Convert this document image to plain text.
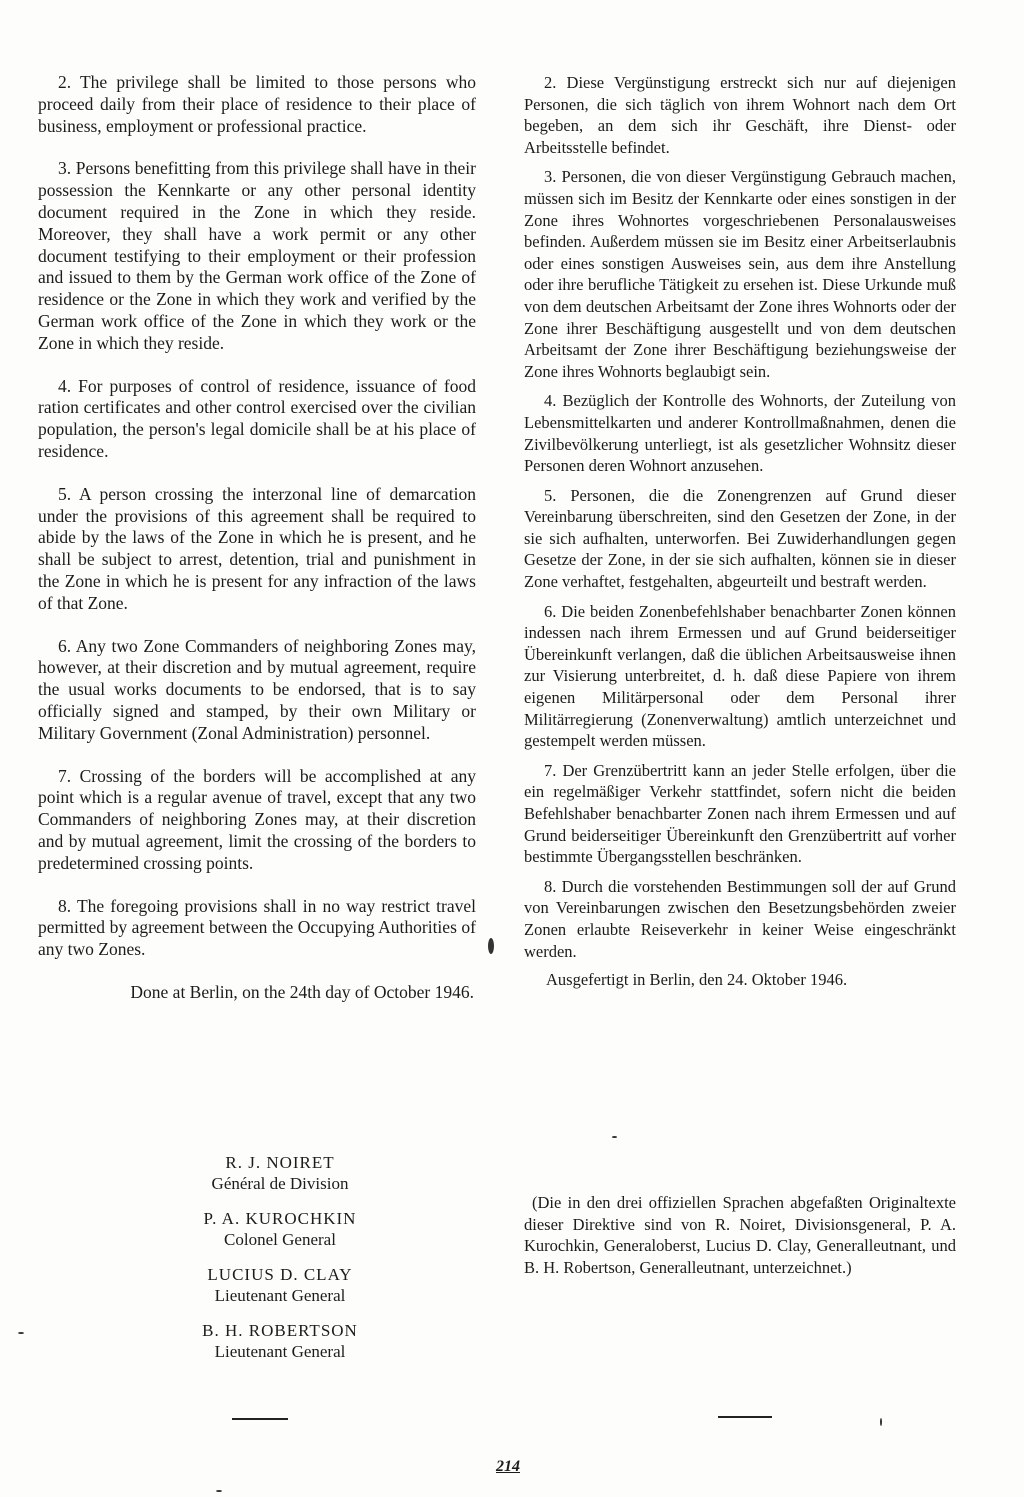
2. The privilege shall be limited to those persons who proceed daily from their place of residence to their place of business, employment or professional practice.

3. Persons benefitting from this privilege shall have in their possession the Kennkarte or any other personal identity document required in the Zone in which they reside. Moreover, they shall have a work permit or any other document testifying to their employment or their profession and issued to them by the German work office of the Zone of residence or the Zone in which they work and verified by the German work office of the Zone in which they work or the Zone in which they reside.

4. For purposes of control of residence, issuance of food ration certificates and other control exercised over the civilian population, the person's legal domicile shall be at his place of residence.

5. A person crossing the interzonal line of demarcation under the provisions of this agreement shall be required to abide by the laws of the Zone in which he is present, and he shall be subject to arrest, detention, trial and punishment in the Zone in which he is present for any infraction of the laws of that Zone.

6. Any two Zone Commanders of neighboring Zones may, however, at their discretion and by mutual agreement, require the usual works documents to be endorsed, that is to say officially signed and stamped, by their own Military or Military Government (Zonal Administration) personnel.

7. Crossing of the borders will be accomplished at any point which is a regular avenue of travel, except that any two Commanders of neighboring Zones may, at their discretion and by mutual agreement, limit the crossing of the borders to predetermined crossing points.

8. The foregoing provisions shall in no way restrict travel permitted by agreement between the Occupying Authorities of any two Zones.

Done at Berlin, on the 24th day of October 1946.

2. Diese Vergünstigung erstreckt sich nur auf diejenigen Personen, die sich täglich von ihrem Wohnort nach dem Ort begeben, an dem sich ihr Geschäft, ihre Dienst- oder Arbeitsstelle befindet.

3. Personen, die von dieser Vergünstigung Gebrauch machen, müssen sich im Besitz der Kennkarte oder eines sonstigen in der Zone ihres Wohnortes vorgeschriebenen Personalausweises befinden. Außerdem müssen sie im Besitz einer Arbeitserlaubnis oder eines sonstigen Ausweises sein, aus dem ihre Anstellung oder ihre berufliche Tätigkeit zu ersehen ist. Diese Urkunde muß von dem deutschen Arbeitsamt der Zone ihres Wohnorts oder der Zone ihrer Beschäftigung ausgestellt und von dem deutschen Arbeitsamt der Zone ihrer Beschäftigung beziehungsweise der Zone ihres Wohnorts beglaubigt sein.

4. Bezüglich der Kontrolle des Wohnorts, der Zuteilung von Lebensmittelkarten und anderer Kontrollmaßnahmen, denen die Zivilbevölkerung unterliegt, ist als gesetzlicher Wohnsitz dieser Personen deren Wohnort anzusehen.

5. Personen, die die Zonengrenzen auf Grund dieser Vereinbarung überschreiten, sind den Gesetzen der Zone, in der sie sich aufhalten, unterworfen. Bei Zuwiderhandlungen gegen Gesetze der Zone, in der sie sich aufhalten, können sie in dieser Zone verhaftet, festgehalten, abgeurteilt und bestraft werden.

6. Die beiden Zonenbefehlshaber benachbarter Zonen können indessen nach ihrem Ermessen und auf Grund beiderseitiger Übereinkunft verlangen, daß die üblichen Arbeitsausweise ihnen zur Visierung unterbreitet, d. h. daß diese Papiere von ihrem eigenen Militärpersonal oder dem Personal ihrer Militärregierung (Zonenverwaltung) amtlich unterzeichnet und gestempelt werden müssen.

7. Der Grenzübertritt kann an jeder Stelle erfolgen, über die ein regelmäßiger Verkehr stattfindet, sofern nicht die beiden Befehlshaber benachbarter Zonen nach ihrem Ermessen und auf Grund beiderseitiger Übereinkunft den Grenzübertritt auf vorher bestimmte Übergangsstellen beschränken.

8. Durch die vorstehenden Bestimmungen soll der auf Grund von Vereinbarungen zwischen den Besetzungsbehörden zweier Zonen erlaubte Reiseverkehr in keiner Weise eingeschränkt werden.

Ausgefertigt in Berlin, den 24. Oktober 1946.

R. J. NOIRET
Général de Division
P. A. KUROCHKIN
Colonel General
LUCIUS D. CLAY
Lieutenant General
B. H. ROBERTSON
Lieutenant General

(Die in den drei offiziellen Sprachen abgefaßten Originaltexte dieser Direktive sind von R. Noiret, Divisionsgeneral, P. A. Kurochkin, Generaloberst, Lucius D. Clay, Generalleutnant, und B. H. Robertson, Generalleutnant, unterzeichnet.)

214
